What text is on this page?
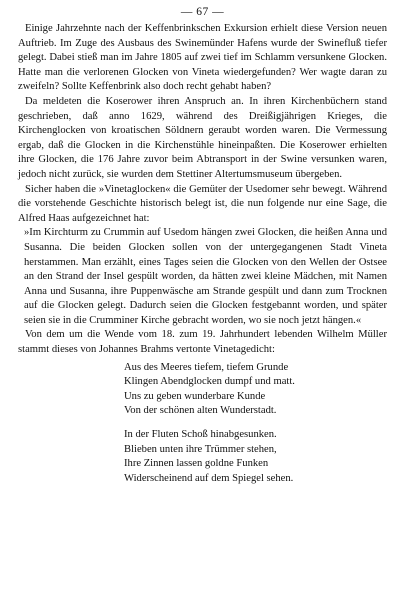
— 67 —

Einige Jahrzehnte nach der Keffenbrinkschen Exkursion erhielt diese Version neuen Auftrieb. Im Zuge des Ausbaus des Swinemünder Hafens wurde der Swinefluß tiefer gelegt. Dabei stieß man im Jahre 1805 auf zwei tief im Schlamm versunkene Glocken. Hatte man die verlorenen Glocken von Vineta wiedergefunden? Wer wagte daran zu zweifeln? Sollte Keffenbrink also doch recht gehabt haben?

Da meldeten die Koserower ihren Anspruch an. In ihren Kirchenbüchern stand geschrieben, daß anno 1629, während des Dreißigjährigen Krieges, die Kirchenglocken von kroatischen Söldnern geraubt worden waren. Die Vermessung ergab, daß die Glocken in die Kirchenstühle hineinpaßten. Die Koserower erhielten ihre Glocken, die 176 Jahre zuvor beim Abtransport in der Swine versunken waren, jedoch nicht zurück, sie wurden dem Stettiner Altertumsmuseum übergeben.

Sicher haben die »Vinetaglocken« die Gemüter der Usedomer sehr bewegt. Während die vorstehende Geschichte historisch belegt ist, die nun folgende nur eine Sage, die Alfred Haas aufgezeichnet hat:

»Im Kirchturm zu Crummin auf Usedom hängen zwei Glocken, die heißen Anna und Susanna. Die beiden Glocken sollen von der untergegangenen Stadt Vineta herstammen. Man erzählt, eines Tages seien die Glocken von den Wellen der Ostsee an den Strand der Insel gespült worden, da hätten zwei kleine Mädchen, mit Namen Anna und Susanna, ihre Puppenwäsche am Strande gespült und dann zum Trocknen auf die Glocken gelegt. Dadurch seien die Glocken festgebannt worden, und später seien sie in die Crumminer Kirche gebracht worden, wo sie noch jetzt hängen.«

Von dem um die Wende vom 18. zum 19. Jahrhundert lebenden Wilhelm Müller stammt dieses von Johannes Brahms vertonte Vinetagedicht:

Aus des Meeres tiefem, tiefem Grunde
Klingen Abendglocken dumpf und matt.
Uns zu geben wunderbare Kunde
Von der schönen alten Wunderstadt.
In der Fluten Schoß hinabgesunken.
Blieben unten ihre Trümmer stehen,
Ihre Zinnen lassen goldne Funken
Widerscheinend auf dem Spiegel sehen.
